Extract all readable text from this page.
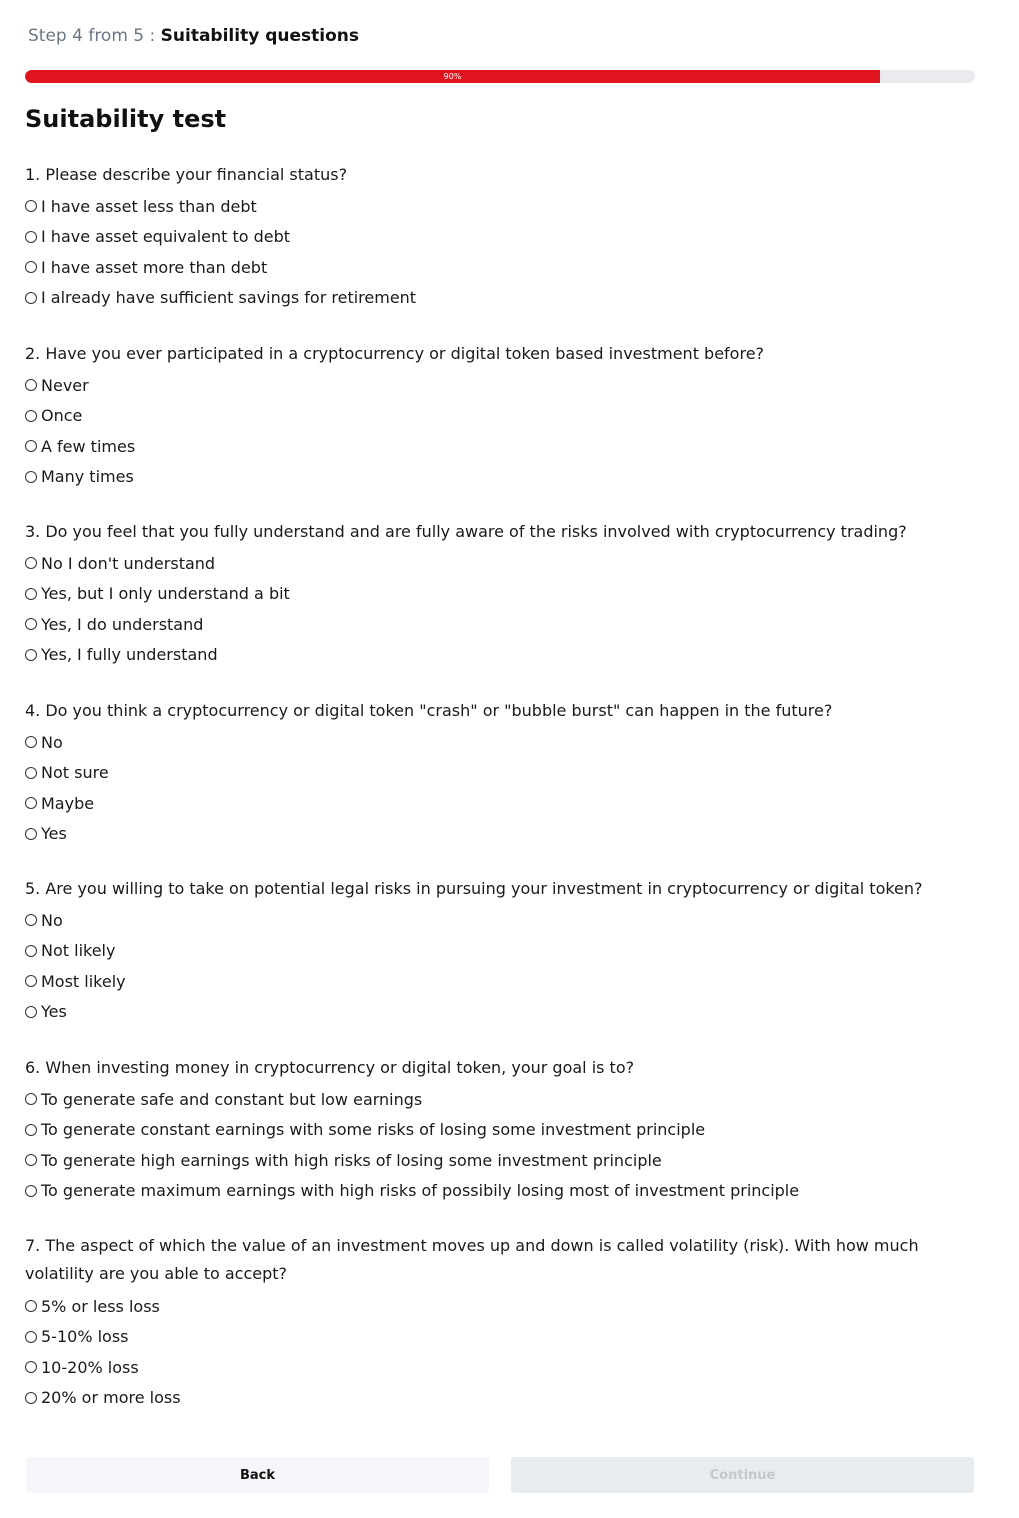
Step 4 from 5 : Suitability questions
90%
Suitability test
1. Please describe your financial status?
I have asset less than debt
I have asset equivalent to debt
I have asset more than debt
I already have sufficient savings for retirement
2. Have you ever participated in a cryptocurrency or digital token based investment before?
Never
Once
A few times
Many times
3. Do you feel that you fully understand and are fully aware of the risks involved with cryptocurrency trading?
No I don't understand
Yes, but I only understand a bit
Yes, I do understand
Yes, I fully understand
4. Do you think a cryptocurrency or digital token "crash" or "bubble burst" can happen in the future?
No
Not sure
Maybe
Yes
5. Are you willing to take on potential legal risks in pursuing your investment in cryptocurrency or digital token?
No
Not likely
Most likely
Yes
6. When investing money in cryptocurrency or digital token, your goal is to?
To generate safe and constant but low earnings
To generate constant earnings with some risks of losing some investment principle
To generate high earnings with high risks of losing some investment principle
To generate maximum earnings with high risks of possibily losing most of investment principle
7. The aspect of which the value of an investment moves up and down is called volatility (risk). With how much volatility are you able to accept?
5% or less loss
5-10% loss
10-20% loss
20% or more loss
Back	Continue
